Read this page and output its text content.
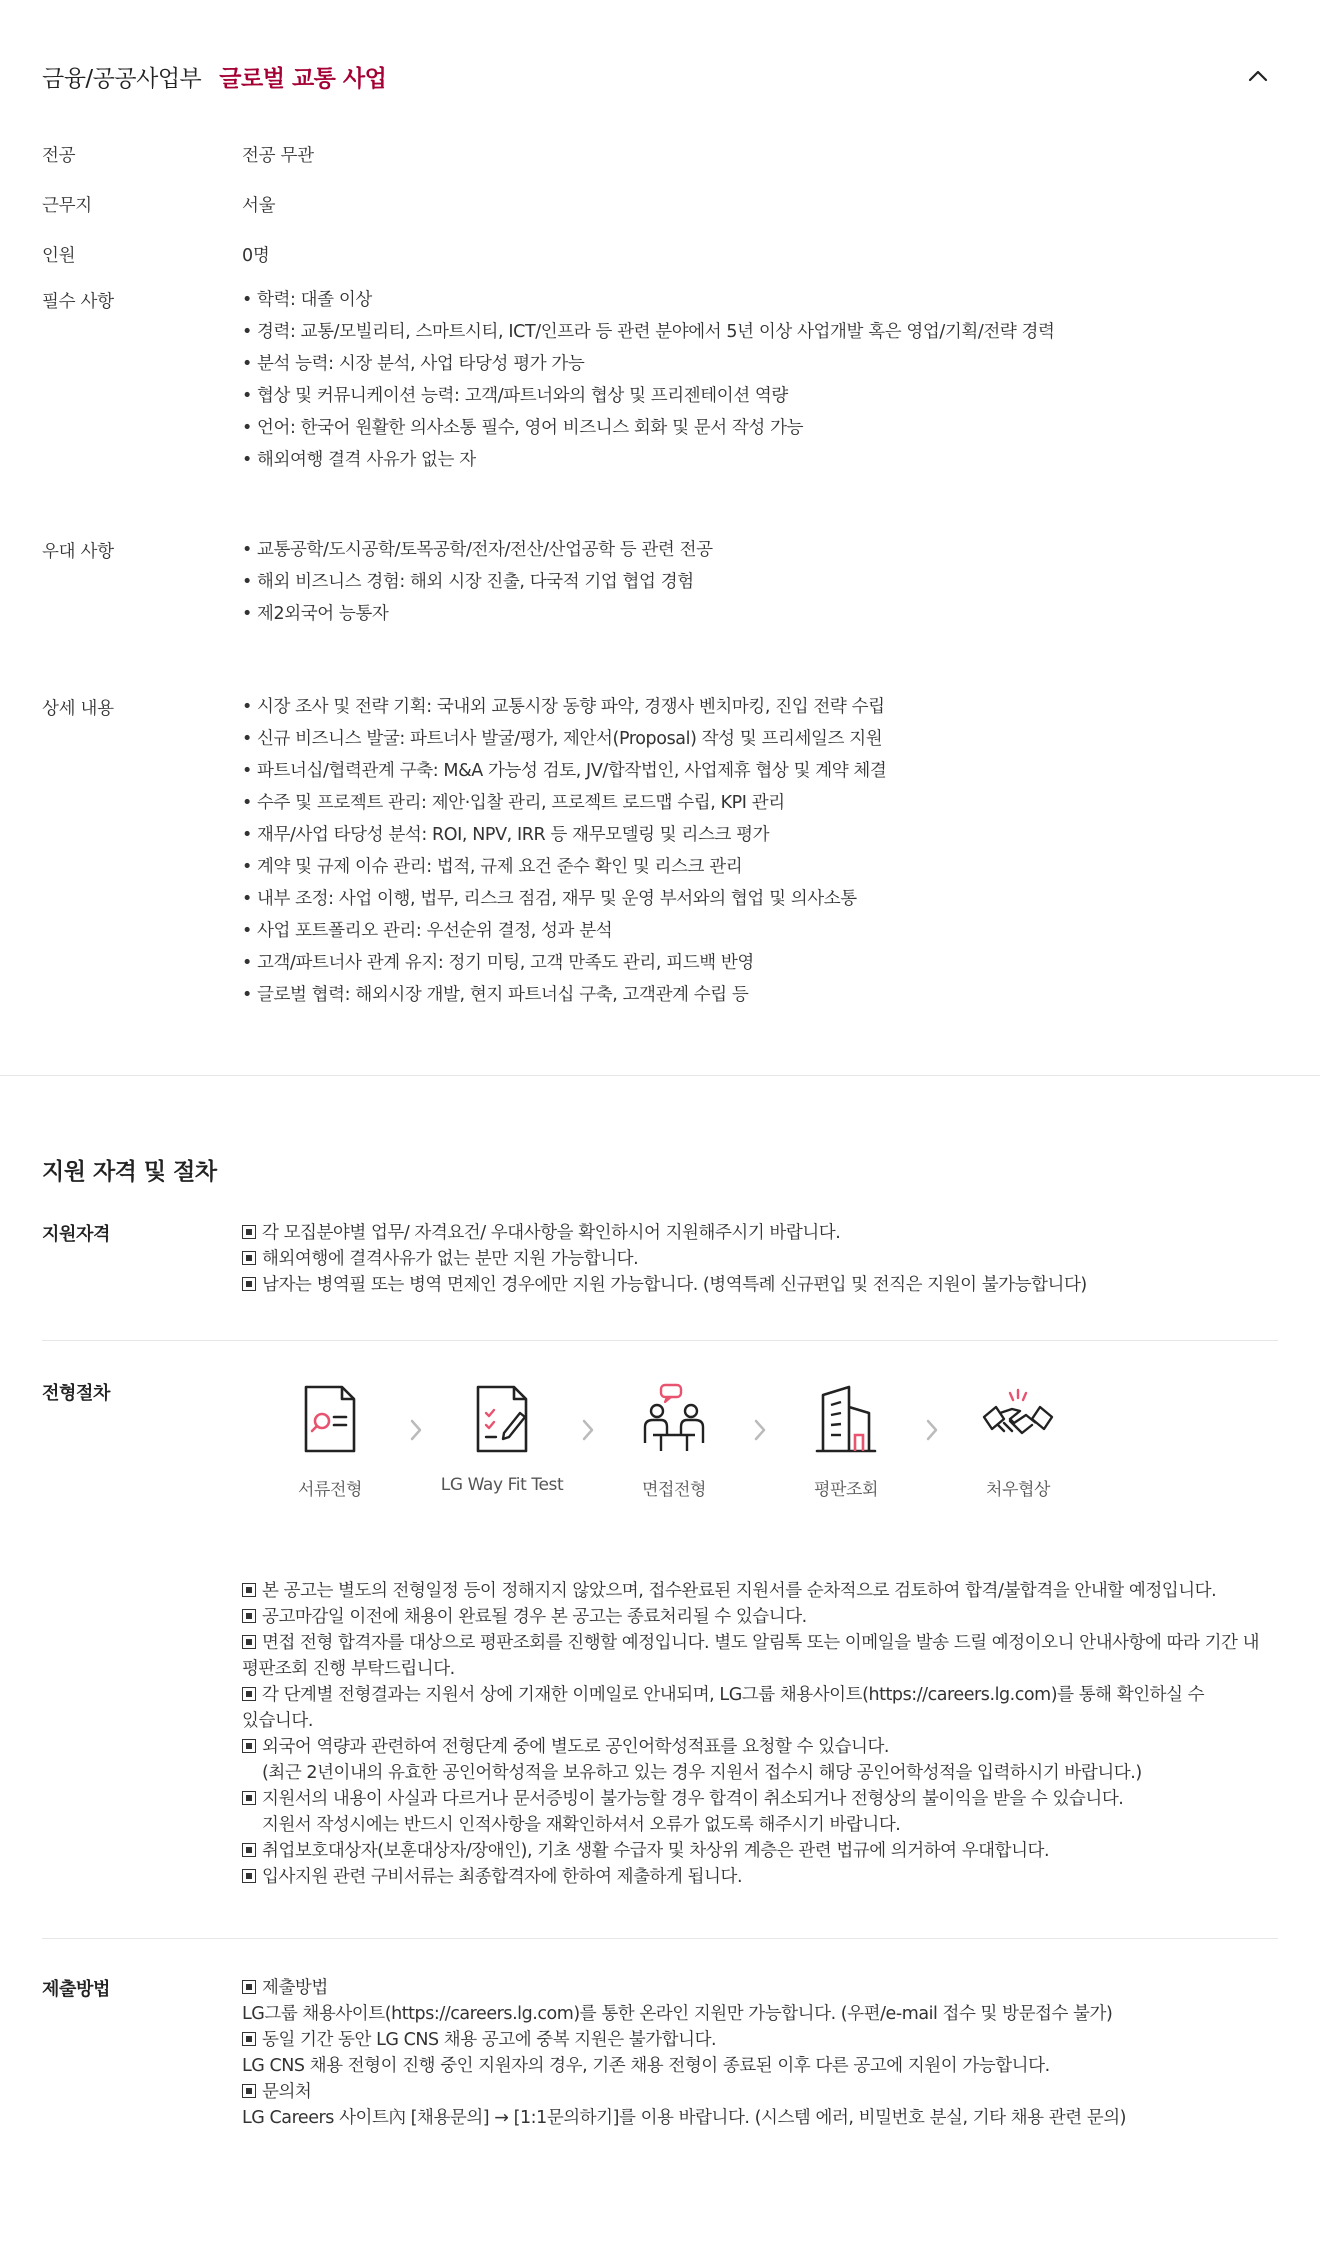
금융/공공사업부 글로벌 교통 사업
전공	전공 무관
근무지	서울
인원	0명
필수 사항	• 학력: 대졸 이상
• 경력: 교통/모빌리티, 스마트시티, ICT/인프라 등 관련 분야에서 5년 이상 사업개발 혹은 영업/기획/전략 경력
• 분석 능력: 시장 분석, 사업 타당성 평가 가능
• 협상 및 커뮤니케이션 능력: 고객/파트너와의 협상 및 프리젠테이션 역량
• 언어: 한국어 원활한 의사소통 필수, 영어 비즈니스 회화 및 문서 작성 가능
• 해외여행 결격 사유가 없는 자
우대 사항	• 교통공학/도시공학/토목공학/전자/전산/산업공학 등 관련 전공
• 해외 비즈니스 경험: 해외 시장 진출, 다국적 기업 협업 경험
• 제2외국어 능통자
상세 내용	• 시장 조사 및 전략 기획: 국내외 교통시장 동향 파악, 경쟁사 벤치마킹, 진입 전략 수립
• 신규 비즈니스 발굴: 파트너사 발굴/평가, 제안서(Proposal) 작성 및 프리세일즈 지원
• 파트너십/협력관계 구축: M&A 가능성 검토, JV/합작법인, 사업제휴 협상 및 계약 체결
• 수주 및 프로젝트 관리: 제안·입찰 관리, 프로젝트 로드맵 수립, KPI 관리
• 재무/사업 타당성 분석: ROI, NPV, IRR 등 재무모델링 및 리스크 평가
• 계약 및 규제 이슈 관리: 법적, 규제 요건 준수 확인 및 리스크 관리
• 내부 조정: 사업 이행, 법무, 리스크 점검, 재무 및 운영 부서와의 협업 및 의사소통
• 사업 포트폴리오 관리: 우선순위 결정, 성과 분석
• 고객/파트너사 관계 유지: 정기 미팅, 고객 만족도 관리, 피드백 반영
• 글로벌 협력: 해외시장 개발, 현지 파트너십 구축, 고객관계 수립 등
지원 자격 및 절차
지원자격	각 모집분야별 업무/ 자격요건/ 우대사항을 확인하시어 지원해주시기 바랍니다.
해외여행에 결격사유가 없는 분만 지원 가능합니다.
남자는 병역필 또는 병역 면제인 경우에만 지원 가능합니다. (병역특례 신규편입 및 전직은 지원이 불가능합니다)
전형절차
서류전형	LG Way Fit Test	면접전형	평판조회	처우협상
본 공고는 별도의 전형일정 등이 정해지지 않았으며, 접수완료된 지원서를 순차적으로 검토하여 합격/불합격을 안내할 예정입니다.
공고마감일 이전에 채용이 완료될 경우 본 공고는 종료처리될 수 있습니다.
면접 전형 합격자를 대상으로 평판조회를 진행할 예정입니다. 별도 알림톡 또는 이메일을 발송 드릴 예정이오니 안내사항에 따라 기간 내
평판조회 진행 부탁드립니다.
각 단계별 전형결과는 지원서 상에 기재한 이메일로 안내되며, LG그룹 채용사이트(https://careers.lg.com)를 통해 확인하실 수
있습니다.
외국어 역량과 관련하여 전형단계 중에 별도로 공인어학성적표를 요청할 수 있습니다.
(최근 2년이내의 유효한 공인어학성적을 보유하고 있는 경우 지원서 접수시 해당 공인어학성적을 입력하시기 바랍니다.)
지원서의 내용이 사실과 다르거나 문서증빙이 불가능할 경우 합격이 취소되거나 전형상의 불이익을 받을 수 있습니다.
지원서 작성시에는 반드시 인적사항을 재확인하셔서 오류가 없도록 해주시기 바랍니다.
취업보호대상자(보훈대상자/장애인), 기초 생활 수급자 및 차상위 계층은 관련 법규에 의거하여 우대합니다.
입사지원 관련 구비서류는 최종합격자에 한하여 제출하게 됩니다.
제출방법	제출방법
LG그룹 채용사이트(https://careers.lg.com)를 통한 온라인 지원만 가능합니다. (우편/e-mail 접수 및 방문접수 불가)
동일 기간 동안 LG CNS 채용 공고에 중복 지원은 불가합니다.
LG CNS 채용 전형이 진행 중인 지원자의 경우, 기존 채용 전형이 종료된 이후 다른 공고에 지원이 가능합니다.
문의처
LG Careers 사이트內 [채용문의] → [1:1문의하기]를 이용 바랍니다. (시스템 에러, 비밀번호 분실, 기타 채용 관련 문의)
